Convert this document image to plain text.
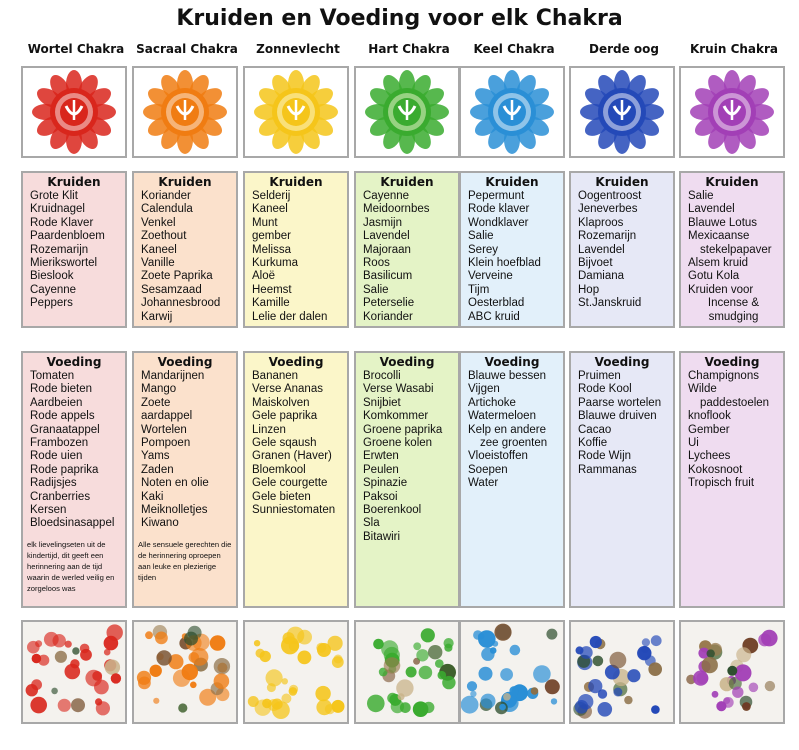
Kruiden en Voeding voor elk Chakra
Wortel Chakra
Kruiden
Grote Klit
Kruidnagel
Rode Klaver
Paardenbloem
Rozemarijn
Mierikswortel
Bieslook
Cayenne
Peppers
Voeding
Tomaten
Rode bieten
Aardbeien
Rode appels
Granaatappel
Frambozen
Rode uien
Rode paprika
Radijsjes
Cranberries
Kersen
Bloedsinasappel
elk lievelingseten uit de kindertijd, dit geeft een herinnering aan de tijd waarin de werled veilig en zorgeloos was
Sacraal Chakra
Kruiden
Koriander
Calendula
Venkel
Zoethout
Kaneel
Vanille
Zoete Paprika
Sesamzaad
Johannesbrood
Karwij
Voeding
Mandarijnen
Mango
Zoete
aardappel
Wortelen
Pompoen
Yams
Zaden
Noten en olie
Kaki
Meiknolletjes
Kiwano
Alle sensuele gerechten die de herinnering oproepen aan leuke en plezierige tijden
Zonnevlecht
Kruiden
Selderij
Kaneel
Munt
gember
Melissa
Kurkuma
Aloë
Heemst
Kamille
Lelie der dalen
Voeding
Bananen
Verse Ananas
Maiskolven
Gele paprika
Linzen
Gele sqaush
Granen (Haver)
Bloemkool
Gele courgette
Gele bieten
Sunniestomaten
Hart Chakra
Kruiden
Cayenne
Meidoornbes
Jasmijn
Lavendel
Majoraan
Roos
Basilicum
Salie
Peterselie
Koriander
Voeding
Brocolli
Verse Wasabi
Snijbiet
Komkommer
Groene paprika
Groene kolen
Erwten
Peulen
Spinazie
Paksoi
Boerenkool
Sla
Bitawiri
Keel Chakra
Kruiden
Pepermunt
Rode klaver
Wondklaver
Salie
Serey
Klein hoefblad
Verveine
Tijm
Oesterblad
ABC kruid
Voeding
Blauwe bessen
Vijgen
Artichoke
Watermeloen
Kelp en andere
zee groenten
Vloeistoffen
Soepen
Water
Derde oog
Kruiden
Oogentroost
Jeneverbes
Klaproos
Rozemarijn
Lavendel
Bijvoet
Damiana
Hop
St.Janskruid
Voeding
Pruimen
Rode Kool
Paarse wortelen
Blauwe druiven
Cacao
Koffie
Rode Wijn
Rammanas
Kruin Chakra
Kruiden
Salie
Lavendel
Blauwe Lotus
Mexicaanse
stekelpapaver
Alsem kruid
Gotu Kola
Kruiden voor
Incense &
smudging
Voeding
Champignons
Wilde
paddestoelen
knoflook
Gember
Ui
Lychees
Kokosnoot
Tropisch fruit
